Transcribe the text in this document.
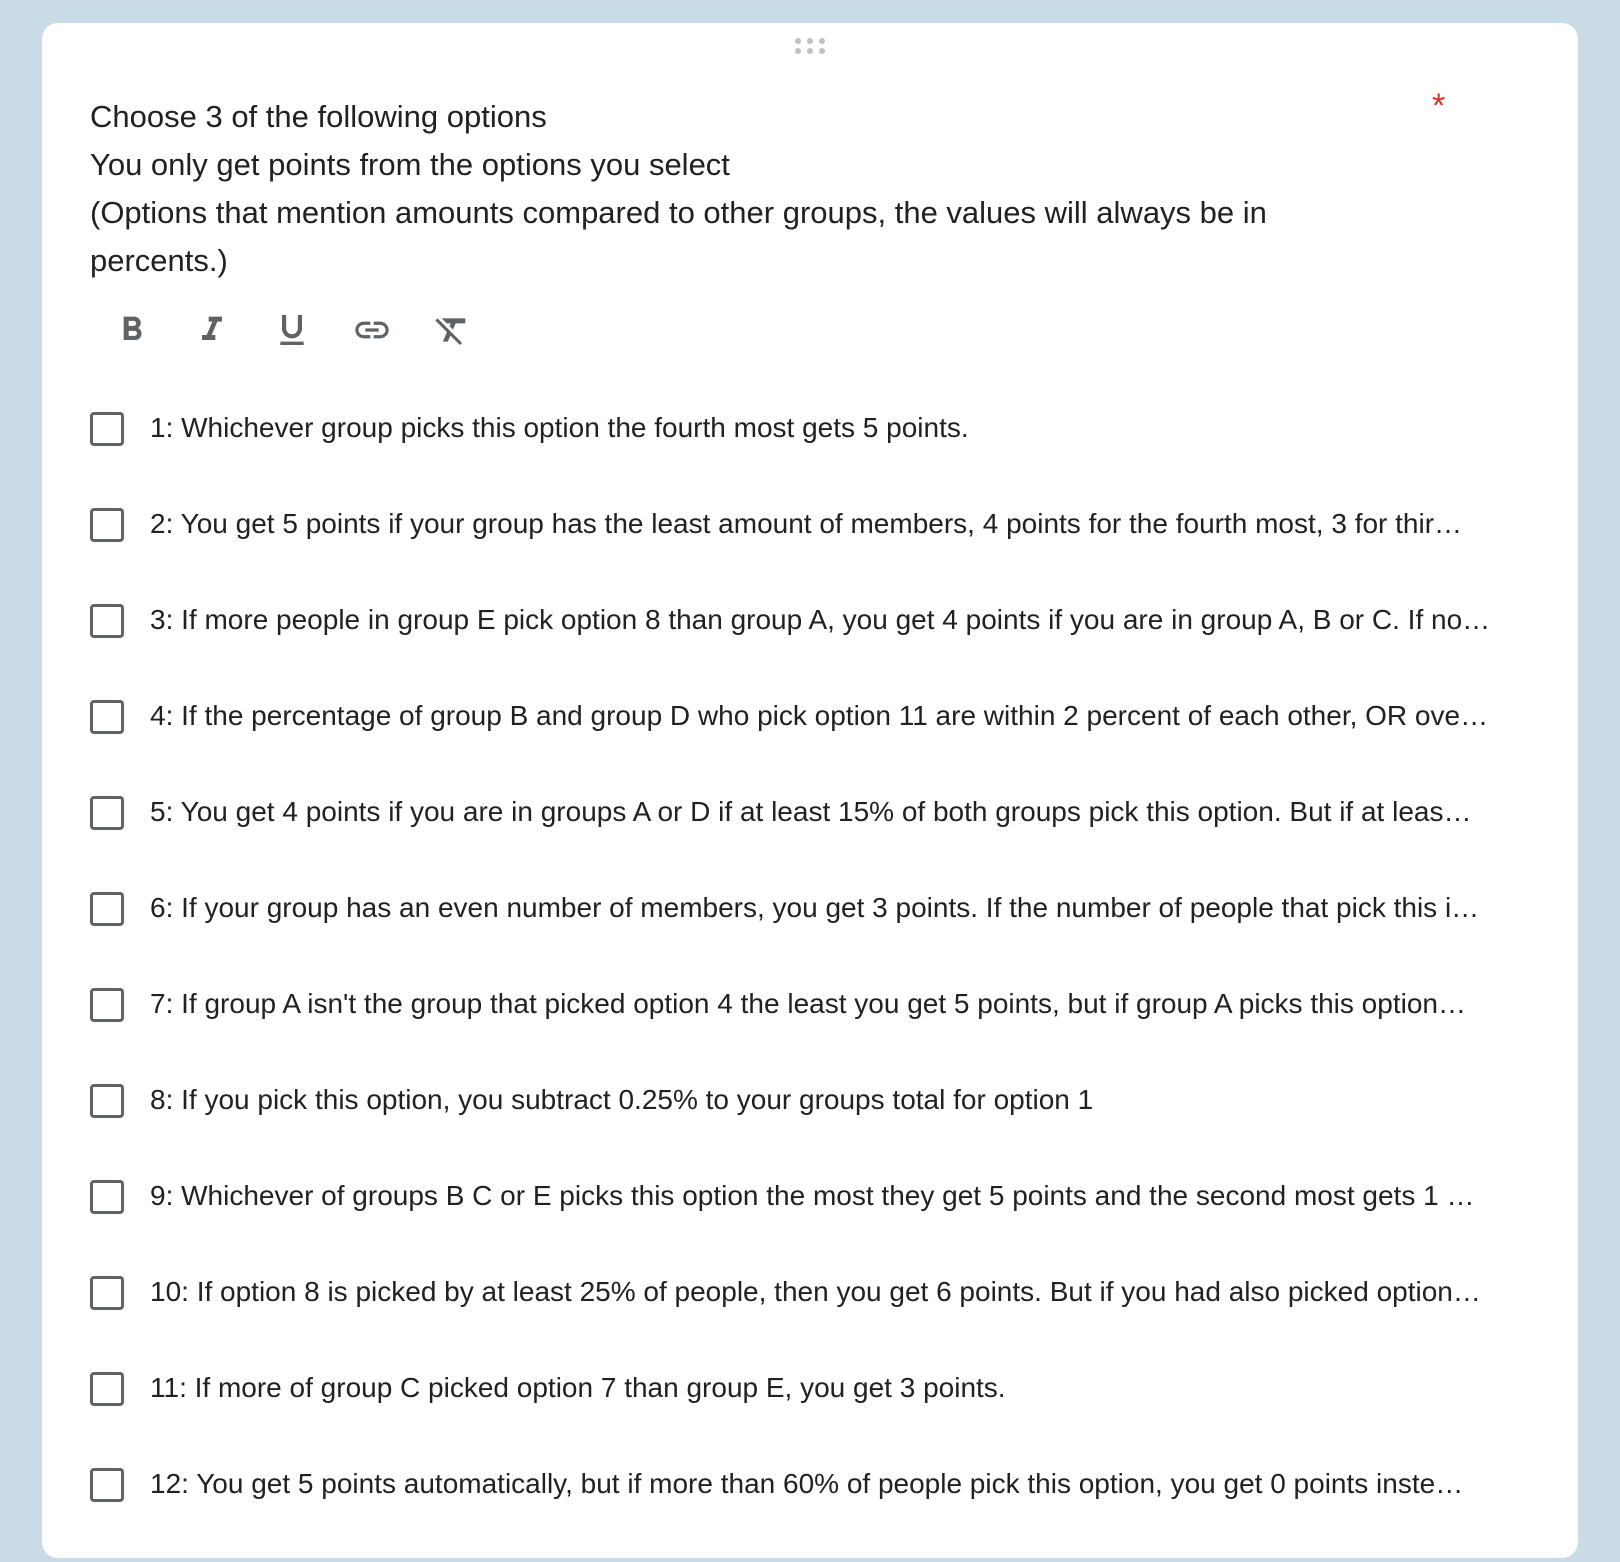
Choose 3 of the following options
You only get points from the options you select
(Options that mention amounts compared to other groups, the values will always be in
percents.)
*
1: Whichever group picks this option the fourth most gets 5 points.
2: You get 5 points if your group has the least amount of members, 4 points for the fourth most, 3 for thir…
3: If more people in group E pick option 8 than group A, you get 4 points if you are in group A, B or C. If no…
4: If the percentage of group B and group D who pick option 11 are within 2 percent of each other, OR ove…
5: You get 4 points if you are in groups A or D if at least 15% of both groups pick this option. But if at leas…
6: If your group has an even number of members, you get 3 points. If the number of people that pick this i…
7: If group A isn't the group that picked option 4 the least you get 5 points, but if group A picks this option…
8: If you pick this option, you subtract 0.25% to your groups total for option 1
9: Whichever of groups B C or E picks this option the most they get 5 points and the second most gets 1 …
10: If option 8 is picked by at least 25% of people, then you get 6 points. But if you had also picked option…
11: If more of group C picked option 7 than group E, you get 3 points.
12: You get 5 points automatically, but if more than 60% of people pick this option, you get 0 points inste…
